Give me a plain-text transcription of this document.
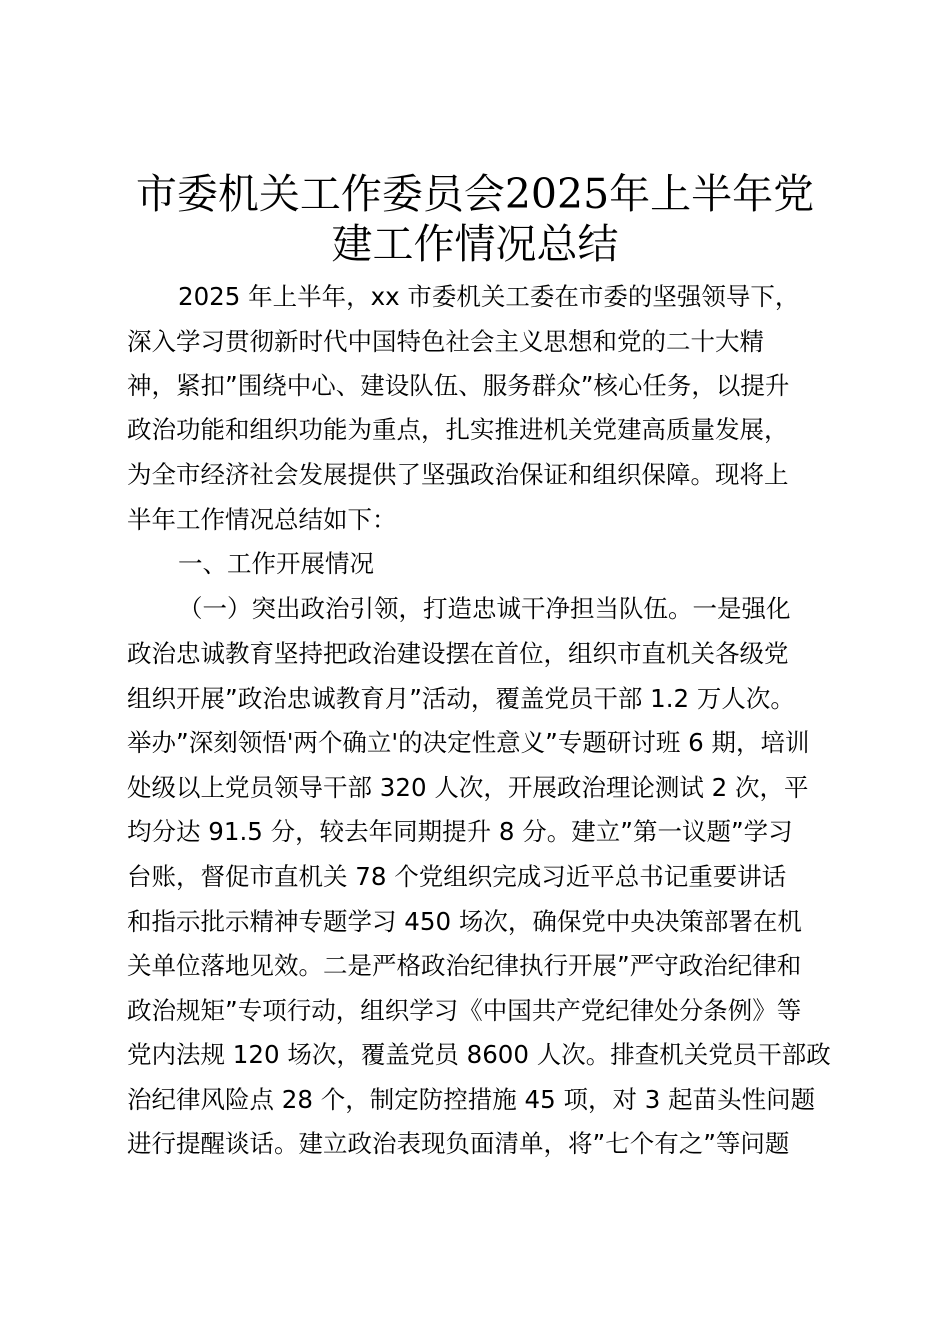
市委机关工作委员会2025年上半年党
建工作情况总结
2025 年上半年，xx 市委机关工委在市委的坚强领导下，
深入学习贯彻新时代中国特色社会主义思想和党的二十大精
神，紧扣”围绕中心、建设队伍、服务群众”核心任务，以提升
政治功能和组织功能为重点，扎实推进机关党建高质量发展，
为全市经济社会发展提供了坚强政治保证和组织保障。现将上
半年工作情况总结如下：
一、工作开展情况
（一）突出政治引领，打造忠诚干净担当队伍。一是强化
政治忠诚教育坚持把政治建设摆在首位，组织市直机关各级党
组织开展”政治忠诚教育月”活动，覆盖党员干部 1.2 万人次。
举办”深刻领悟'两个确立'的决定性意义”专题研讨班 6 期，培训
处级以上党员领导干部 320 人次，开展政治理论测试 2 次，平
均分达 91.5 分，较去年同期提升 8 分。建立”第一议题”学习
台账，督促市直机关 78 个党组织完成习近平总书记重要讲话
和指示批示精神专题学习 450 场次，确保党中央决策部署在机
关单位落地见效。二是严格政治纪律执行开展”严守政治纪律和
政治规矩”专项行动，组织学习《中国共产党纪律处分条例》等
党内法规 120 场次，覆盖党员 8600 人次。排查机关党员干部政
治纪律风险点 28 个，制定防控措施 45 项，对 3 起苗头性问题
进行提醒谈话。建立政治表现负面清单，将”七个有之”等问题
